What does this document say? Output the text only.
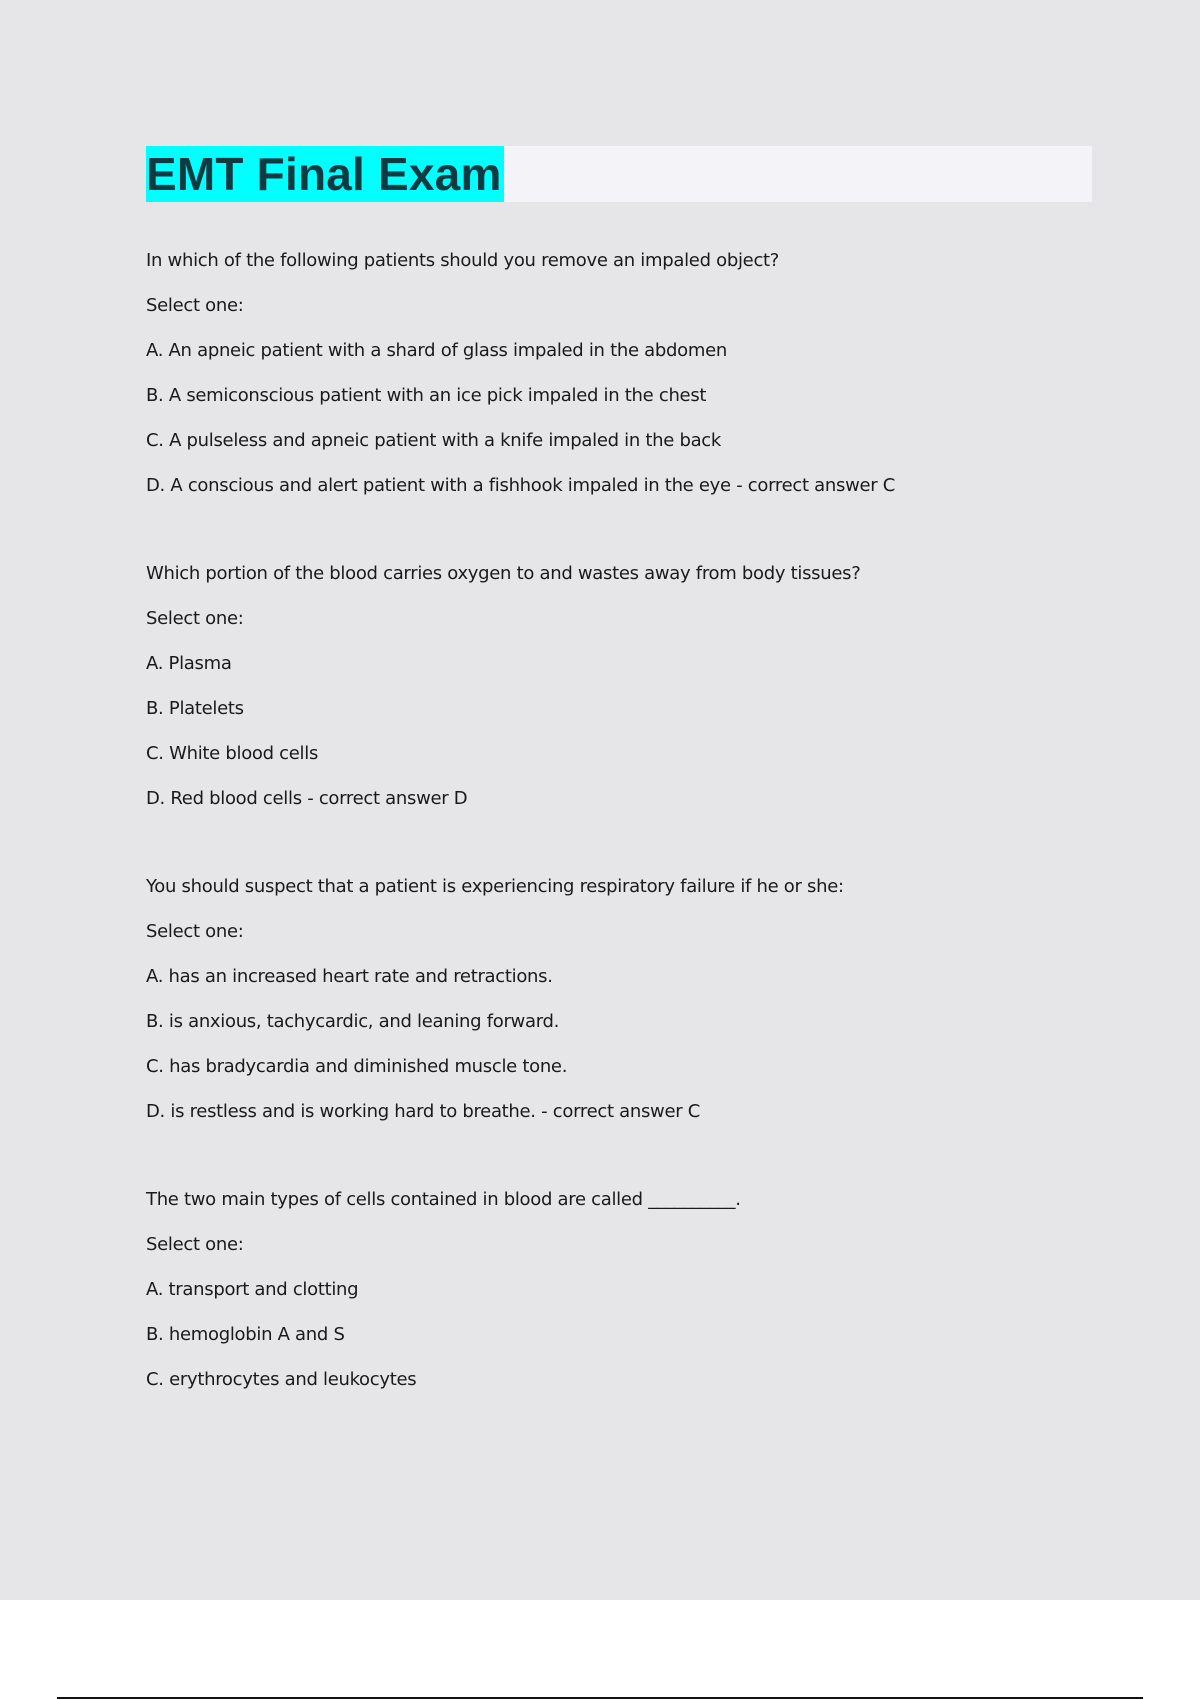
EMT Final Exam
In which of the following patients should you remove an impaled object?
Select one:
A. An apneic patient with a shard of glass impaled in the abdomen
B. A semiconscious patient with an ice pick impaled in the chest
C. A pulseless and apneic patient with a knife impaled in the back
D. A conscious and alert patient with a fishhook impaled in the eye - correct answer C
Which portion of the blood carries oxygen to and wastes away from body tissues?
Select one:
A. Plasma
B. Platelets
C. White blood cells
D. Red blood cells - correct answer D
You should suspect that a patient is experiencing respiratory failure if he or she:
Select one:
A. has an increased heart rate and retractions.
B. is anxious, tachycardic, and leaning forward.
C. has bradycardia and diminished muscle tone.
D. is restless and is working hard to breathe. - correct answer C
The two main types of cells contained in blood are called __________.
Select one:
A. transport and clotting
B. hemoglobin A and S
C. erythrocytes and leukocytes
